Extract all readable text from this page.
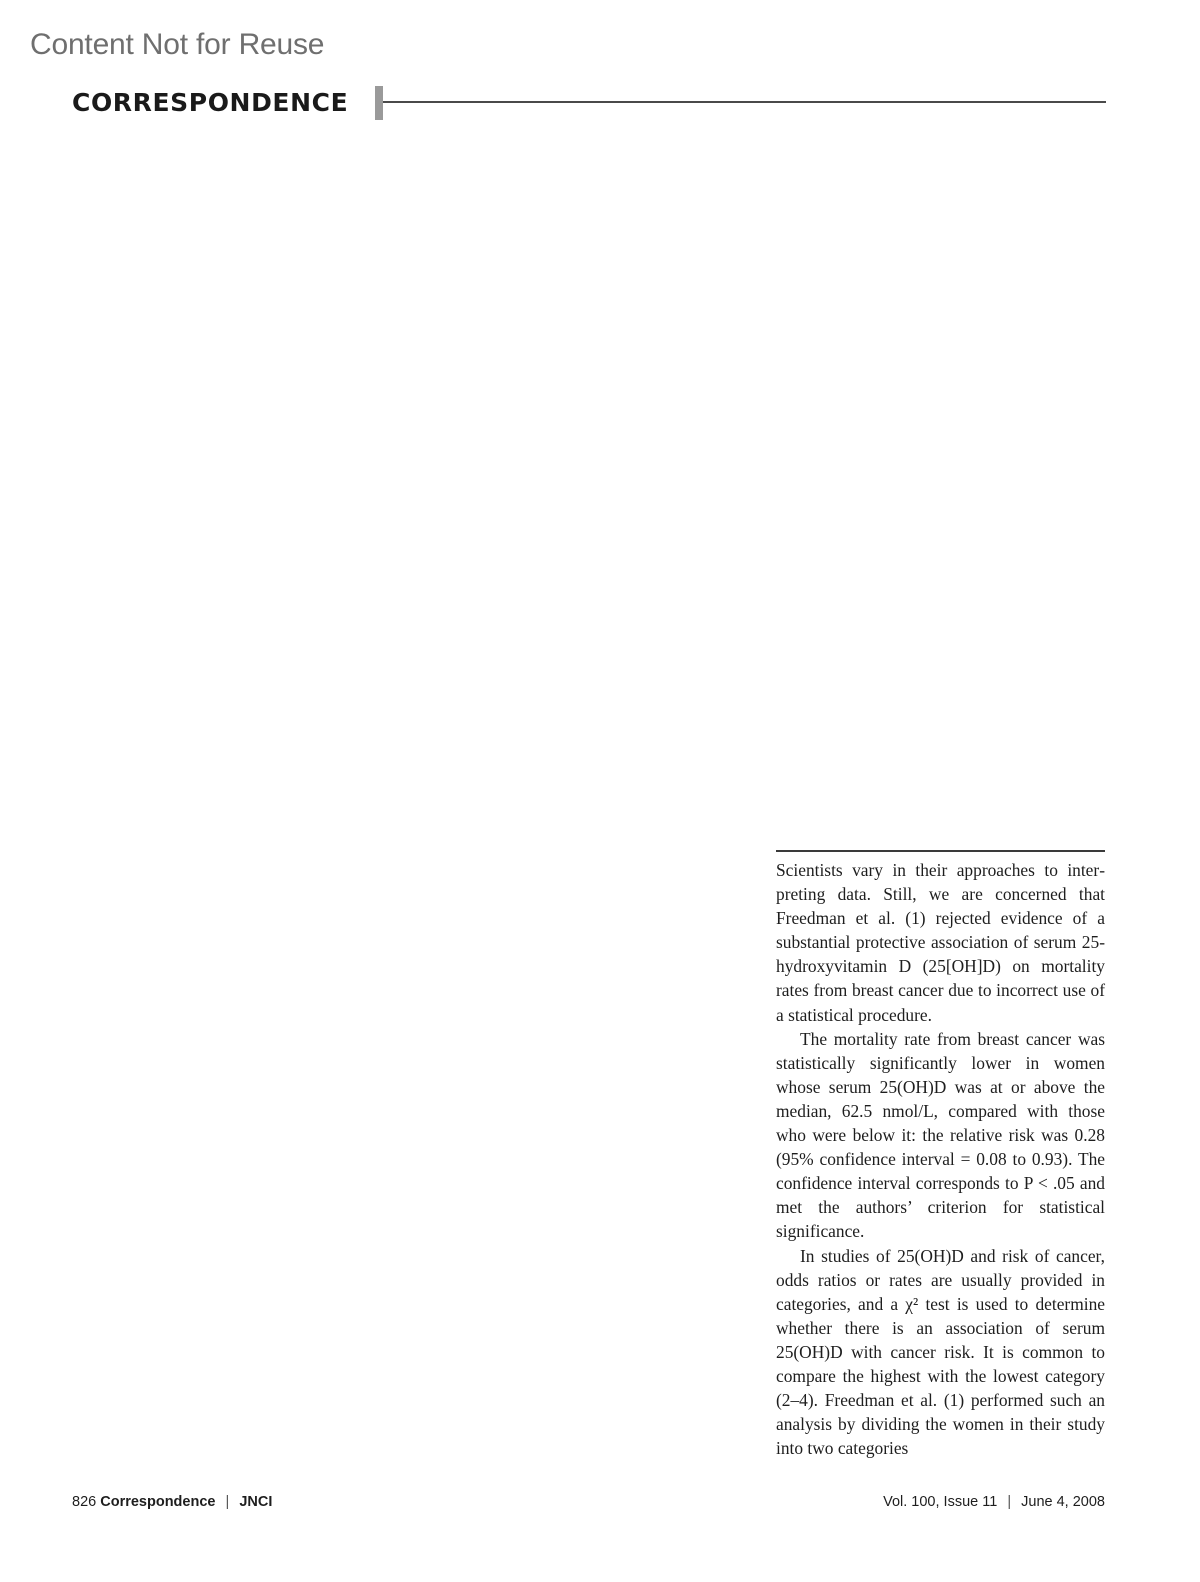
Content Not for Reuse
CORRESPONDENCE

Scientists vary in their approaches to interpreting data. Still, we are concerned that Freedman et al. (1) rejected evidence of a substantial protective association of serum 25-hydroxyvitamin D (25[OH]D) on mortality rates from breast cancer due to incorrect use of a statistical procedure.

The mortality rate from breast cancer was statistically significantly lower in women whose serum 25(OH)D was at or above the median, 62.5 nmol/L, compared with those who were below it: the relative risk was 0.28 (95% confidence interval = 0.08 to 0.93). The confidence interval corresponds to P < .05 and met the authors’ criterion for statistical significance.

In studies of 25(OH)D and risk of cancer, odds ratios or rates are usually provided in categories, and a χ² test is used to determine whether there is an association of serum 25(OH)D with cancer risk. It is common to compare the highest with the lowest category (2–4). Freedman et al. (1) performed such an analysis by dividing the women in their study into two categories

826 Correspondence | JNCI	Vol. 100, Issue 11 | June 4, 2008
